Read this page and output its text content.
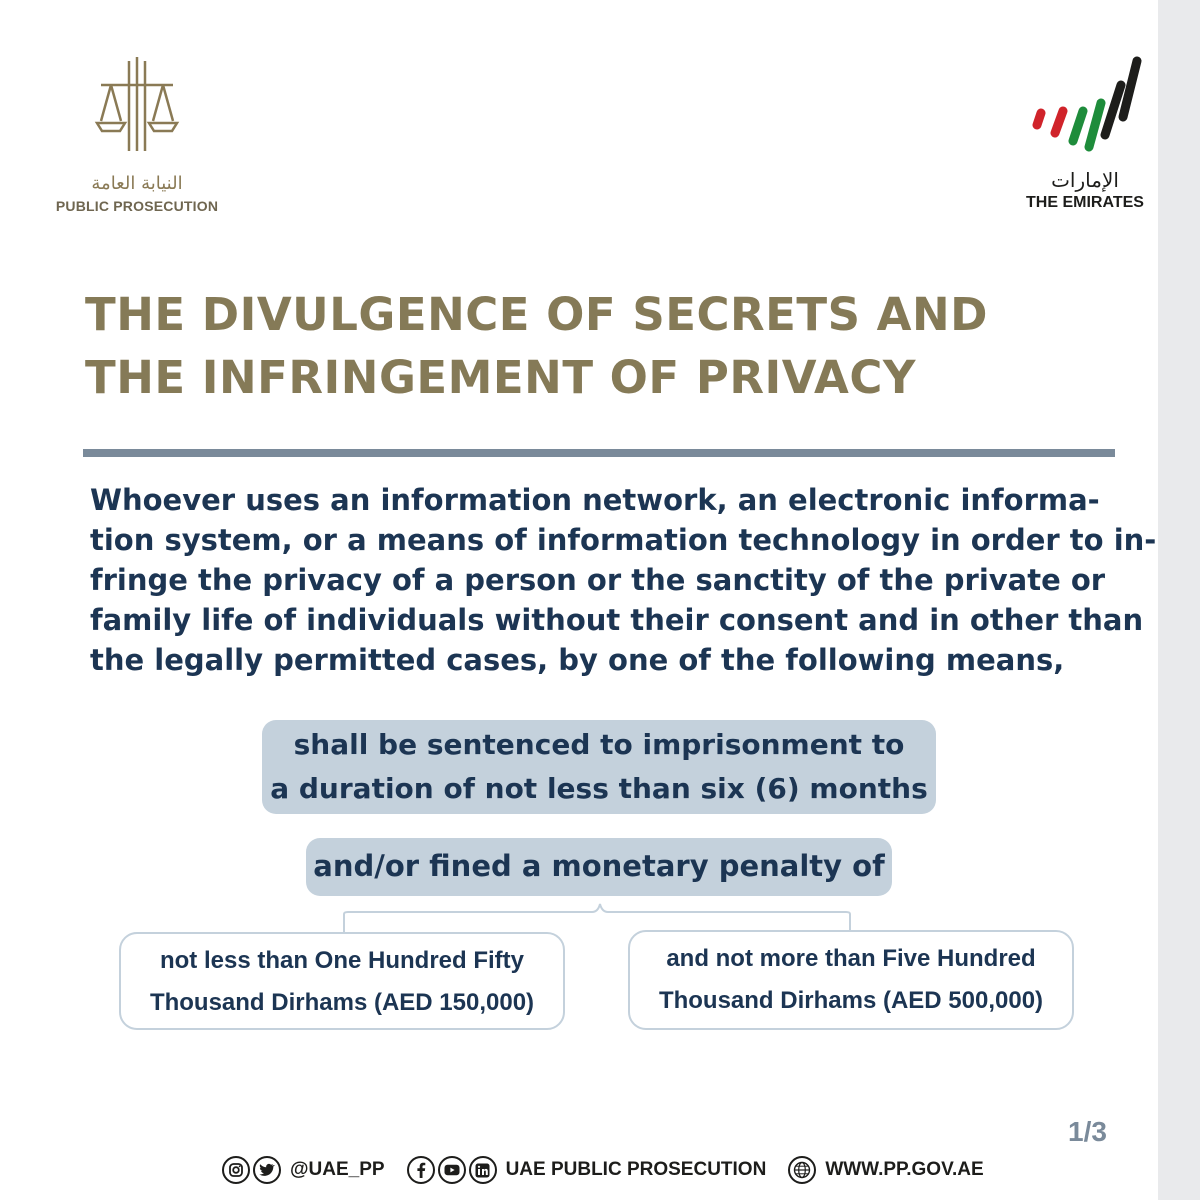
النيابة العامة
PUBLIC PROSECUTION
الإمارات
THE EMIRATES
THE DIVULGENCE OF SECRETS AND
THE INFRINGEMENT OF PRIVACY
Whoever uses an information network, an electronic informa-
tion system, or a means of information technology in order to in-
fringe the privacy of a person or the sanctity of the private or
family life of individuals without their consent and in other than
the legally permitted cases, by one of the following means,
shall be sentenced to imprisonment to
a duration of not less than six (6) months
and/or fined a monetary penalty of
not less than One Hundred Fifty
Thousand Dirhams (AED 150,000)
and not more than Five Hundred
Thousand Dirhams (AED 500,000)
1/3
@UAE_PP	UAE PUBLIC PROSECUTION	WWW.PP.GOV.AE
